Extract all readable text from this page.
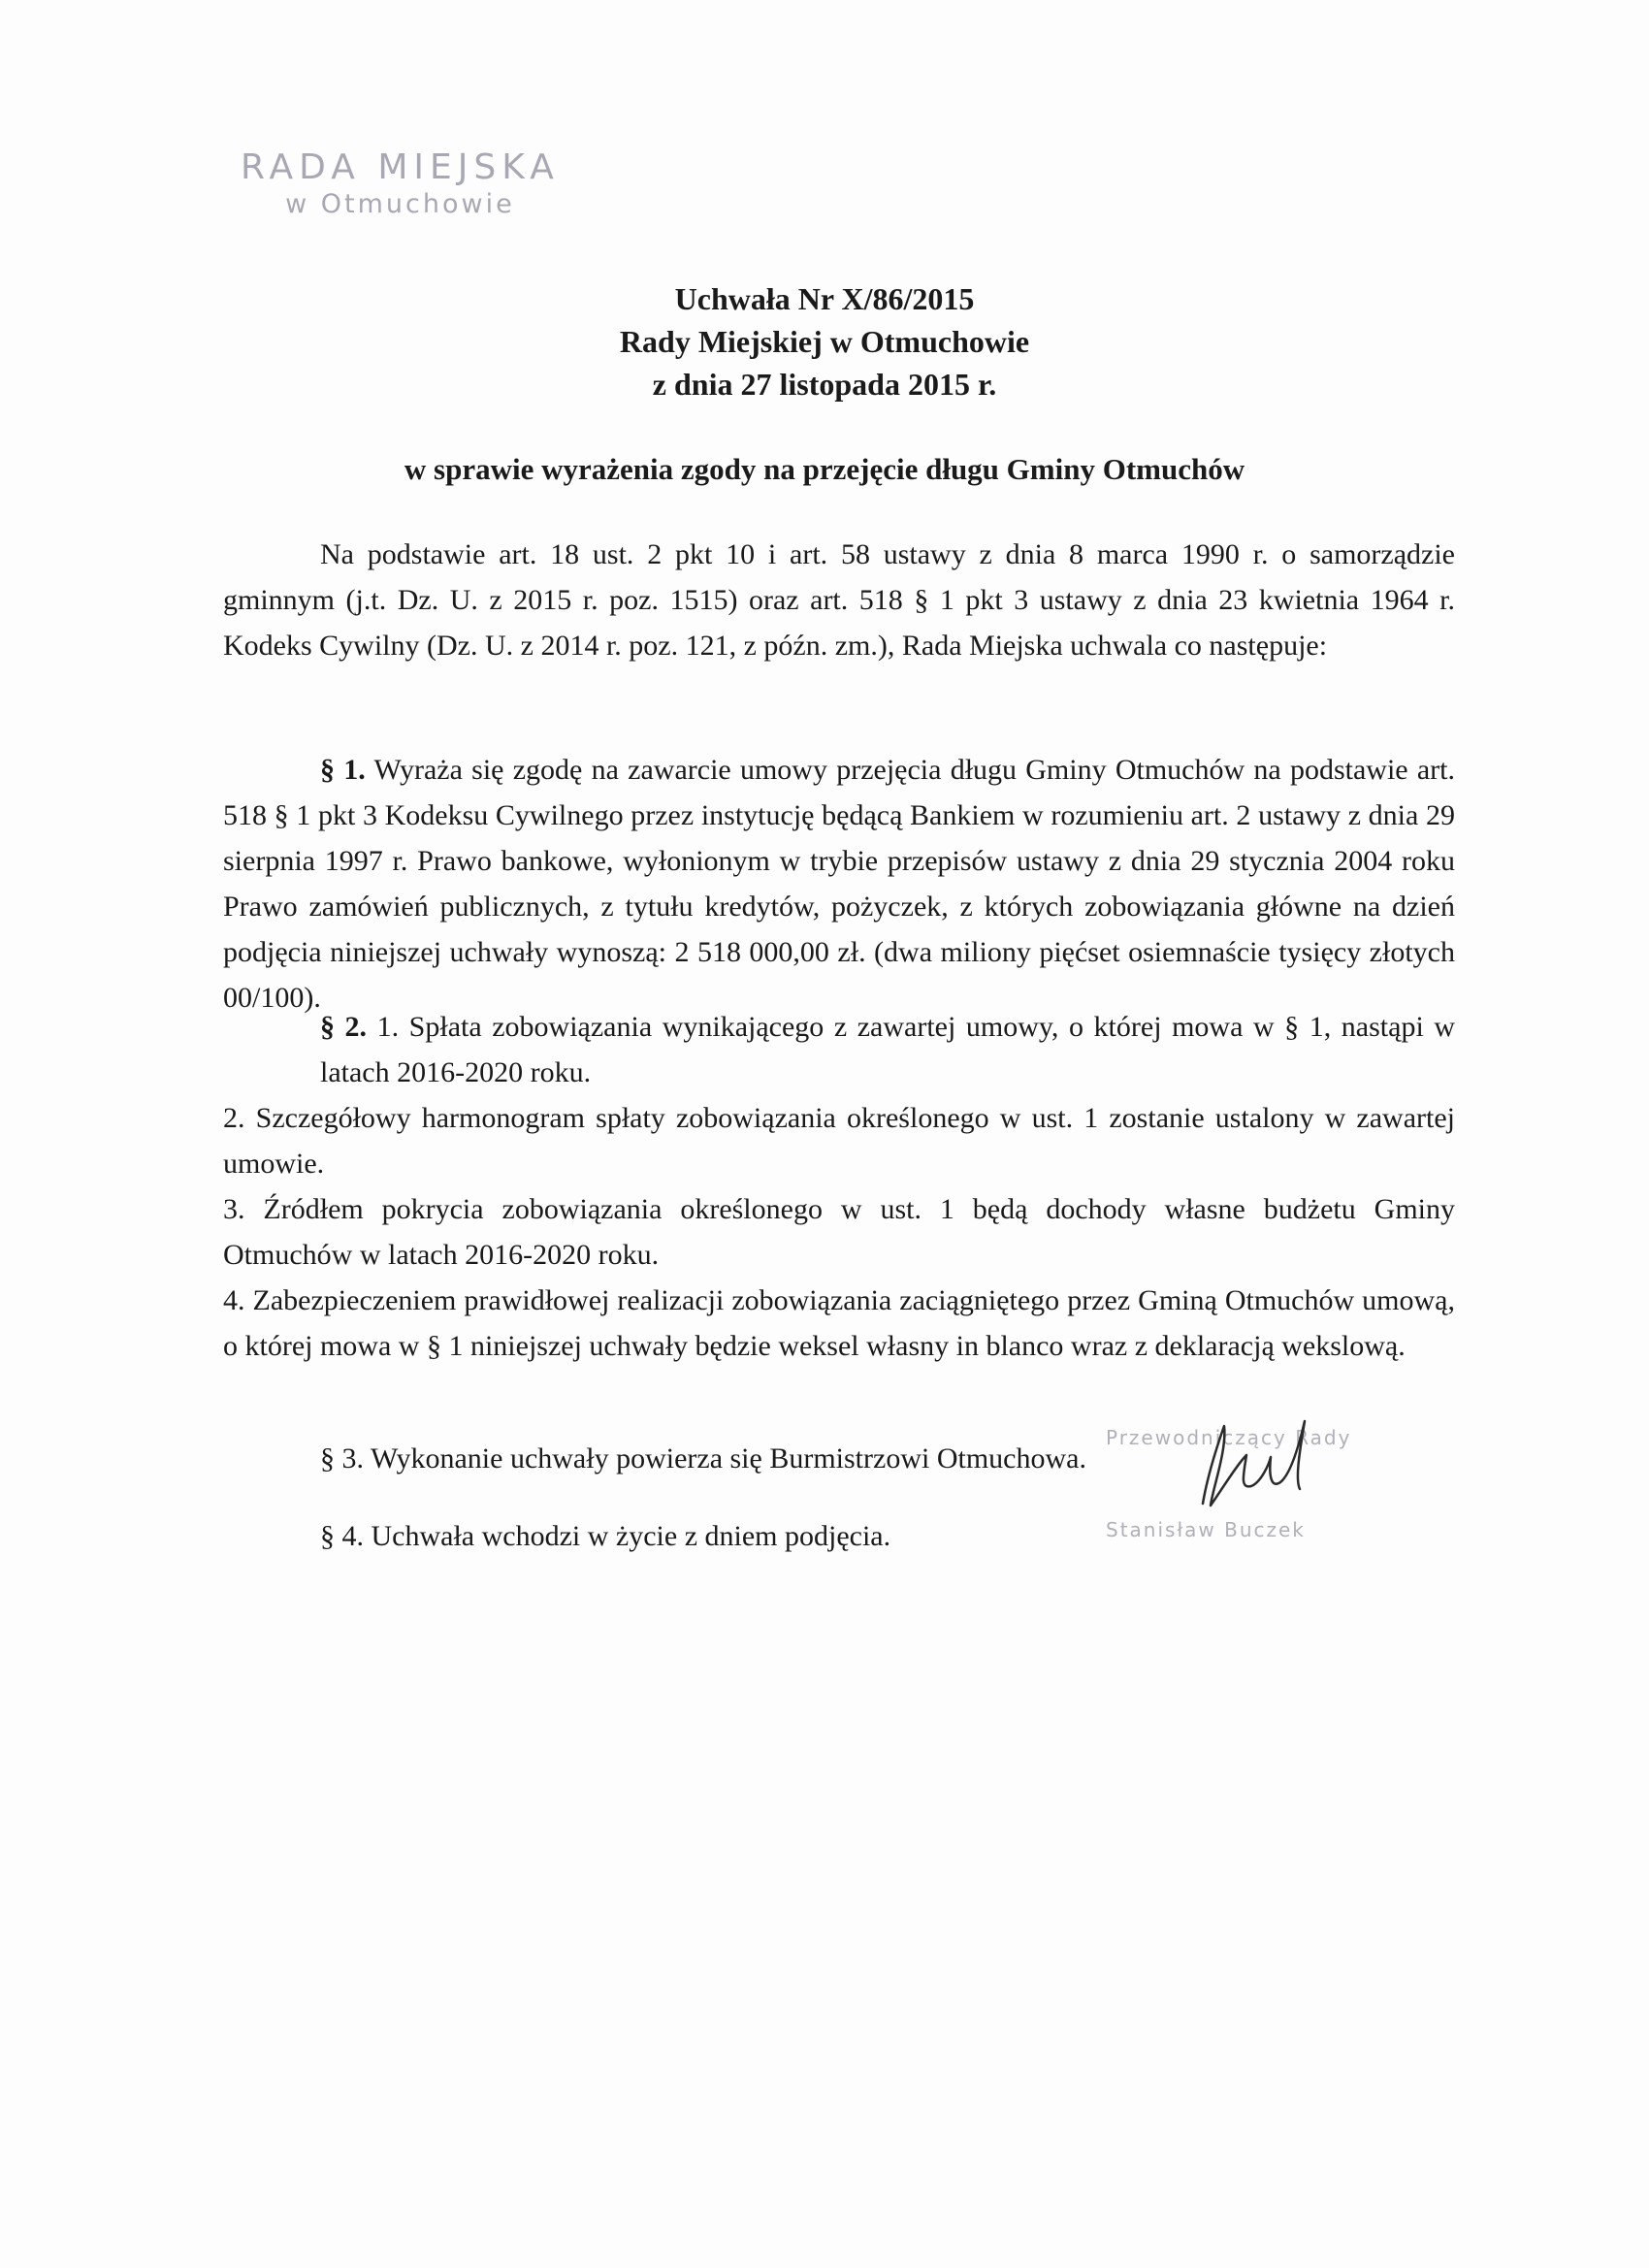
RADA MIEJSKA
w Otmuchowie
Uchwała Nr X/86/2015
Rady Miejskiej w Otmuchowie
z dnia 27 listopada 2015 r.
w sprawie wyrażenia zgody na przejęcie długu Gminy Otmuchów

Na podstawie art. 18 ust. 2 pkt 10 i art. 58 ustawy z dnia 8 marca 1990 r. o samorządzie gminnym (j.t. Dz. U. z 2015 r. poz. 1515) oraz art. 518 § 1 pkt 3 ustawy z dnia 23 kwietnia 1964 r. Kodeks Cywilny (Dz. U. z 2014 r. poz. 121, z późn. zm.), Rada Miejska uchwala co następuje:

§ 1. Wyraża się zgodę na zawarcie umowy przejęcia długu Gminy Otmuchów na podstawie art. 518 § 1 pkt 3 Kodeksu Cywilnego przez instytucję będącą Bankiem w rozumieniu art. 2 ustawy z dnia 29 sierpnia 1997 r. Prawo bankowe, wyłonionym w trybie przepisów ustawy z dnia 29 stycznia 2004 roku Prawo zamówień publicznych, z tytułu kredytów, pożyczek, z których zobowiązania główne na dzień podjęcia niniejszej uchwały wynoszą: 2 518 000,00 zł. (dwa miliony pięćset osiemnaście tysięcy złotych 00/100).

§ 2. 1. Spłata zobowiązania wynikającego z zawartej umowy, o której mowa w § 1, nastąpi w latach 2016-2020 roku.

2. Szczegółowy harmonogram spłaty zobowiązania określonego w ust. 1 zostanie ustalony w zawartej umowie.

3. Źródłem pokrycia zobowiązania określonego w ust. 1 będą dochody własne budżetu Gminy Otmuchów w latach 2016-2020 roku.

4. Zabezpieczeniem prawidłowej realizacji zobowiązania zaciągniętego przez Gminą Otmuchów umową, o której mowa w § 1 niniejszej uchwały będzie weksel własny in blanco wraz z deklaracją wekslową.

§ 3. Wykonanie uchwały powierza się Burmistrzowi Otmuchowa.

§ 4. Uchwała wchodzi w życie z dniem podjęcia.

Przewodniczący Rady
Stanisław Buczek
